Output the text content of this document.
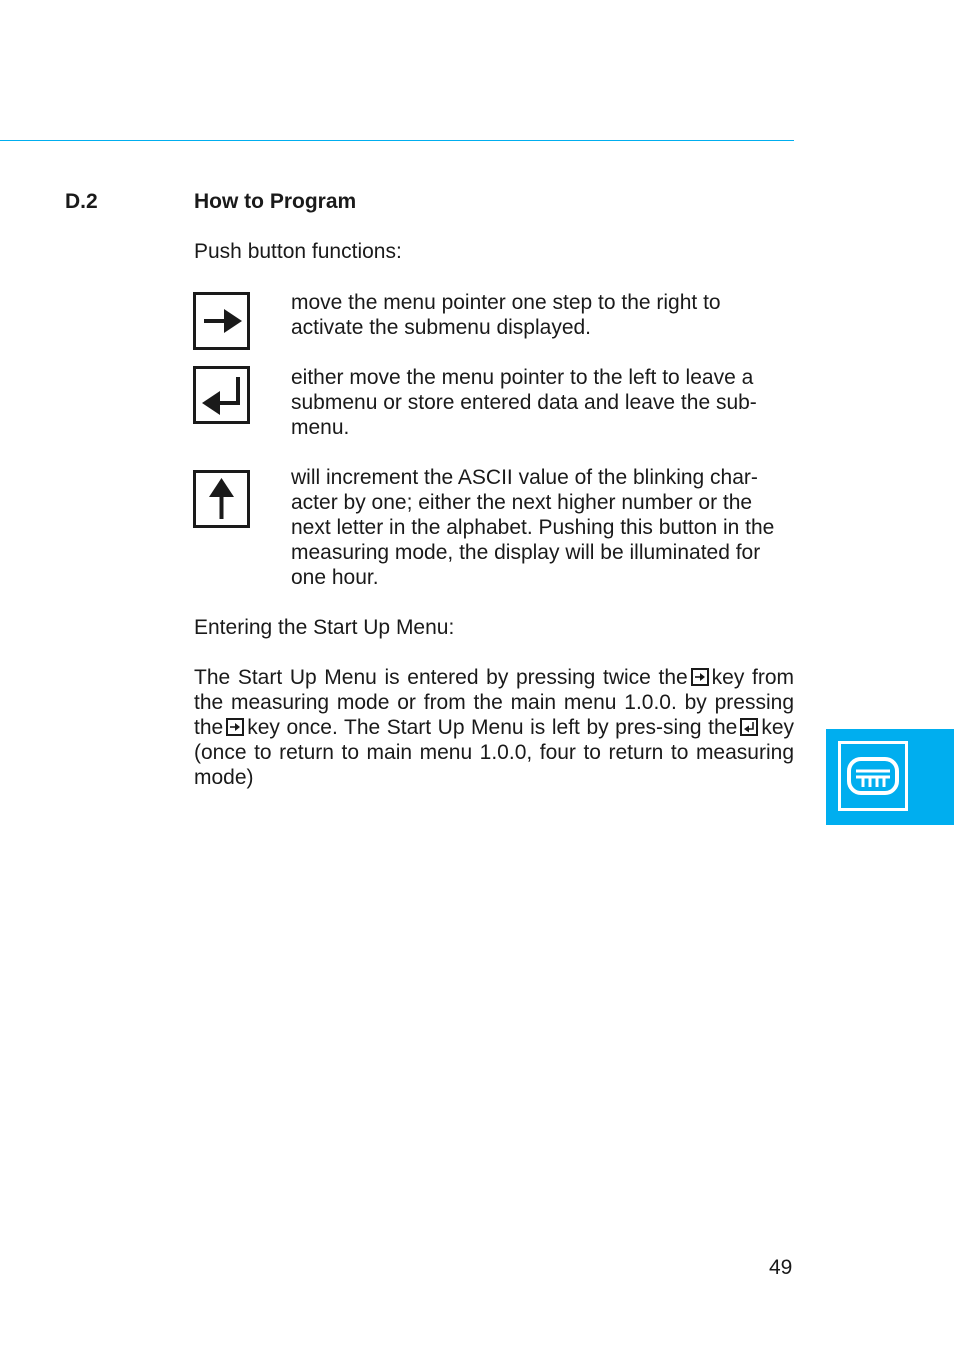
D.2	How to Program
Push button functions:

move the menu pointer one step to the right to activate the submenu displayed.

either move the menu pointer to the left to leave a submenu or store entered data and leave the sub-menu.

will increment the ASCII value of the blinking char-acter by one; either the next higher number or the next letter in the alphabet. Pushing this button in the measuring mode, the display will be illuminated for one hour.

Entering the Start Up Menu:

The Start Up Menu is entered by pressing twice the key from the measuring mode or from the main menu 1.0.0. by pressing the key once. The Start Up Menu is left by pres-sing the key (once to return to main menu 1.0.0, four to return to measuring mode)

49
